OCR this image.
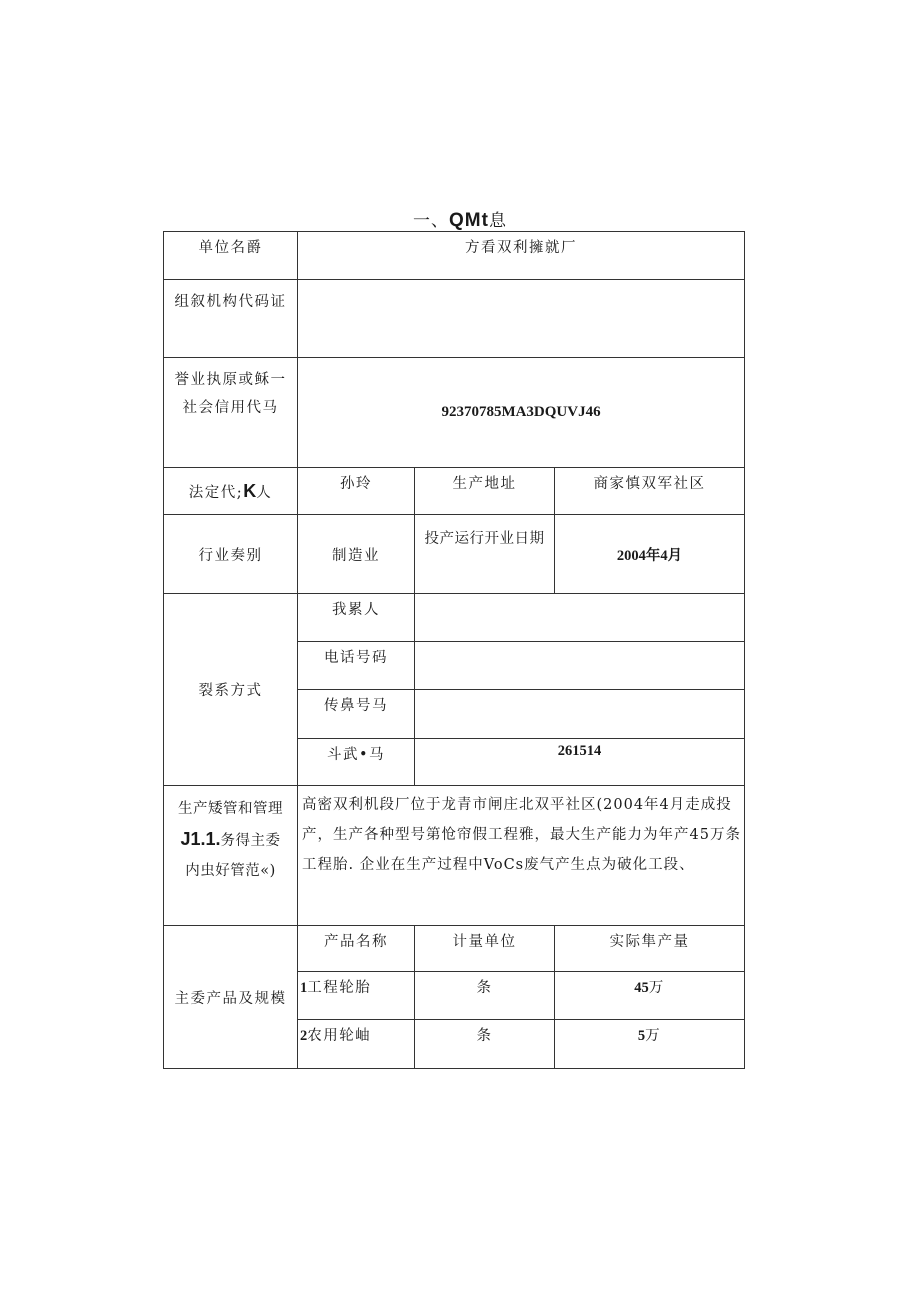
一、QMt息
单位名爵	方看双利擁就厂		
组叙机构代码证			

誉业执原或稣一
社会信用代马	92370785MA3DQUVJ46		
法定代;K人	孙玲	生产地址	商家慎双军社区
行业奏别	制造业	投产运行开业日期	2004年4月
裂系方式	我累人		
	电话号码		
	传鼻号马		
	斗武•马	261514	

生产矮管和管理
J1.1.务得主委
内虫好管范«)	高密双利机段厂位于龙青市闸庄北双平社区(2004年4月走成投产，生产各种型号第怆帘假工程雅，最大生产能力为年产45万条工程胎. 企业在生产过程中VoCs废气产生点为破化工段、		
主委产品及规模	产品名称	计量单位	实际隼产量
	1工程轮胎	条	45万
	2农用轮岫	条	5万
